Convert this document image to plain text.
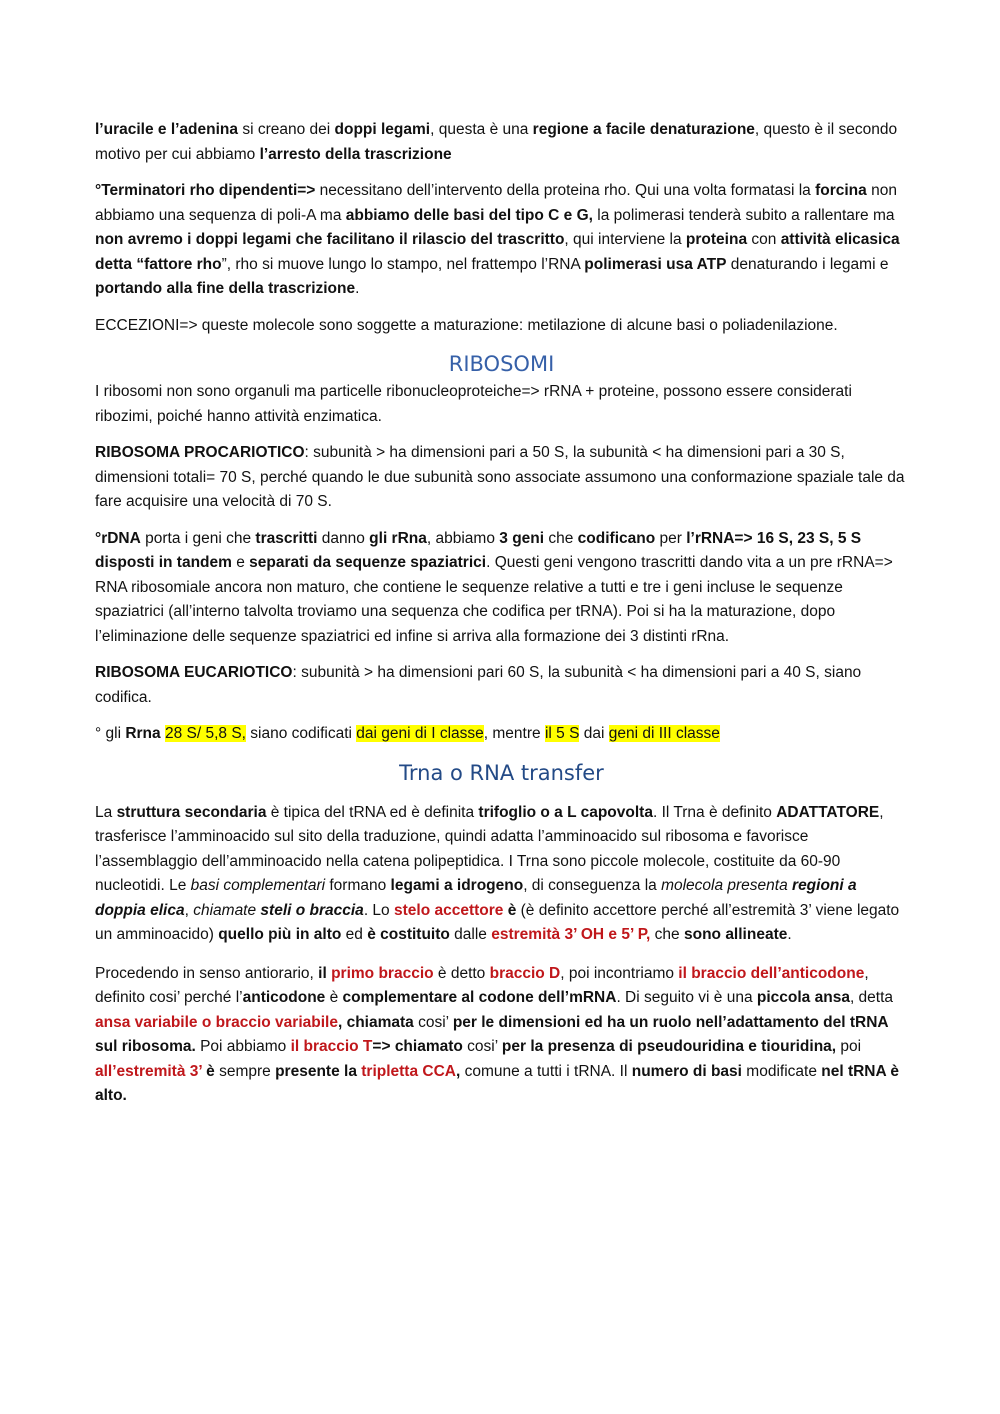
l’uracile e l’adenina si creano dei doppi legami, questa è una regione a facile denaturazione, questo è il secondo motivo per cui abbiamo l’arresto della trascrizione

°Terminatori rho dipendenti=> necessitano dell’intervento della proteina rho. Qui una volta formatasi la forcina non abbiamo una sequenza di poli-A ma abbiamo delle basi del tipo C e G, la polimerasi tenderà subito a rallentare ma non avremo i doppi legami che facilitano il rilascio del trascritto, qui interviene la proteina con attività elicasica detta “fattore rho”, rho si muove lungo lo stampo, nel frattempo l’RNA polimerasi usa ATP denaturando i legami e portando alla fine della trascrizione.

ECCEZIONI=> queste molecole sono soggette a maturazione: metilazione di alcune basi o poliadenilazione.

RIBOSOMI

I ribosomi non sono organuli ma particelle ribonucleoproteiche=> rRNA + proteine, possono essere considerati ribozimi, poiché hanno attività enzimatica.

RIBOSOMA PROCARIOTICO: subunità > ha dimensioni pari a 50 S, la subunità < ha dimensioni pari a 30 S, dimensioni totali= 70 S, perché quando le due subunità sono associate assumono una conformazione spaziale tale da fare acquisire una velocità di 70 S.

°rDNA porta i geni che trascritti danno gli rRna, abbiamo 3 geni che codificano per l’rRNA=> 16 S, 23 S, 5 S disposti in tandem e separati da sequenze spaziatrici. Questi geni vengono trascritti dando vita a un pre rRNA=> RNA ribosomiale ancora non maturo, che contiene le sequenze relative a tutti e tre i geni incluse le sequenze spaziatrici (all’interno talvolta troviamo una sequenza che codifica per tRNA). Poi si ha la maturazione, dopo l’eliminazione delle sequenze spaziatrici ed infine si arriva alla formazione dei 3 distinti rRna.

RIBOSOMA EUCARIOTICO: subunità > ha dimensioni pari 60 S, la subunità < ha dimensioni pari a 40 S, siano codifica.

° gli Rrna 28 S/ 5,8 S, siano codificati dai geni di I classe, mentre il 5 S dai geni di III classe

Trna o RNA transfer

La struttura secondaria è tipica del tRNA ed è definita trifoglio o a L capovolta. Il Trna è definito ADATTATORE, trasferisce l’amminoacido sul sito della traduzione, quindi adatta l’amminoacido sul ribosoma e favorisce l’assemblaggio dell’amminoacido nella catena polipeptidica. I Trna sono piccole molecole, costituite da 60-90 nucleotidi. Le basi complementari formano legami a idrogeno, di conseguenza la molecola presenta regioni a doppia elica, chiamate steli o braccia. Lo stelo accettore è (è definito accettore perché all’estremità 3’ viene legato un amminoacido) quello più in alto ed è costituito dalle estremità 3’ OH e 5’ P, che sono allineate.

Procedendo in senso antiorario, il primo braccio è detto braccio D, poi incontriamo il braccio dell’anticodone, definito cosi’ perché l’anticodone è complementare al codone dell’mRNA. Di seguito vi è una piccola ansa, detta ansa variabile o braccio variabile, chiamata cosi’ per le dimensioni ed ha un ruolo nell’adattamento del tRNA sul ribosoma. Poi abbiamo il braccio T=> chiamato cosi’ per la presenza di pseudouridina e tiouridina, poi all’estremità 3’ è sempre presente la tripletta CCA, comune a tutti i tRNA. Il numero di basi modificate nel tRNA è alto.
